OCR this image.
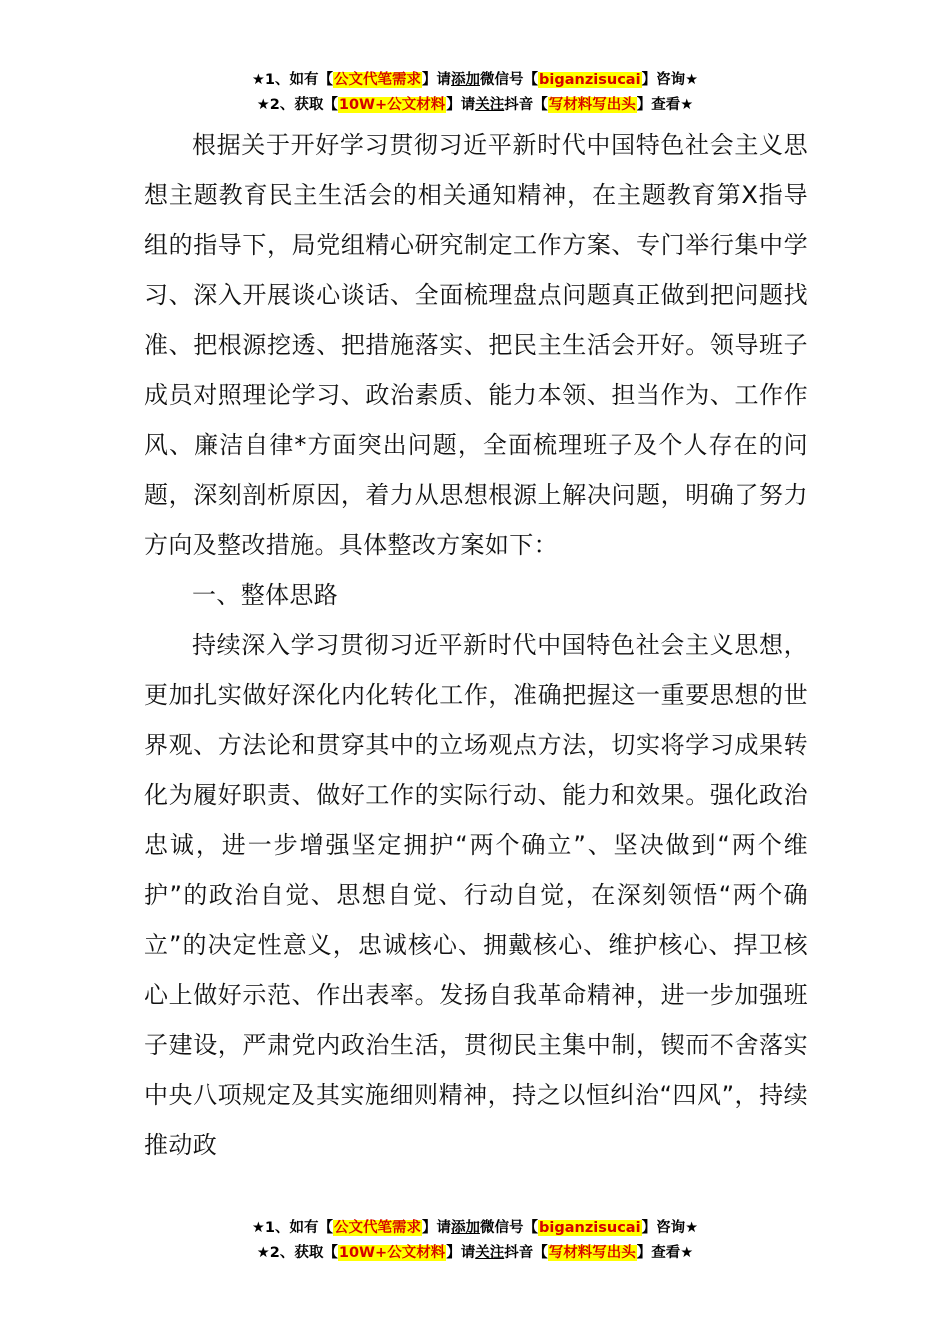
★1、如有【公文代笔需求】请添加微信号【biganzisucai】咨询★
★2、获取【10W+公文材料】请关注抖音【写材料写出头】查看★

根据关于开好学习贯彻习近平新时代中国特色社会主义思想主题教育民主生活会的相关通知精神，在主题教育第X指导组的指导下，局党组精心研究制定工作方案、专门举行集中学习、深入开展谈心谈话、全面梳理盘点问题真正做到把问题找准、把根源挖透、把措施落实、把民主生活会开好。领导班子成员对照理论学习、政治素质、能力本领、担当作为、工作作风、廉洁自律*方面突出问题，全面梳理班子及个人存在的问题，深刻剖析原因，着力从思想根源上解决问题，明确了努力方向及整改措施。具体整改方案如下：

一、整体思路

持续深入学习贯彻习近平新时代中国特色社会主义思想，更加扎实做好深化内化转化工作，准确把握这一重要思想的世界观、方法论和贯穿其中的立场观点方法，切实将学习成果转化为履好职责、做好工作的实际行动、能力和效果。强化政治忠诚，进一步增强坚定拥护“两个确立”、坚决做到“两个维护”的政治自觉、思想自觉、行动自觉，在深刻领悟“两个确立”的决定性意义，忠诚核心、拥戴核心、维护核心、捍卫核心上做好示范、作出表率。发扬自我革命精神，进一步加强班子建设，严肃党内政治生活，贯彻民主集中制，锲而不舍落实中央八项规定及其实施细则精神，持之以恒纠治“四风”，持续推动政

★1、如有【公文代笔需求】请添加微信号【biganzisucai】咨询★
★2、获取【10W+公文材料】请关注抖音【写材料写出头】查看★
